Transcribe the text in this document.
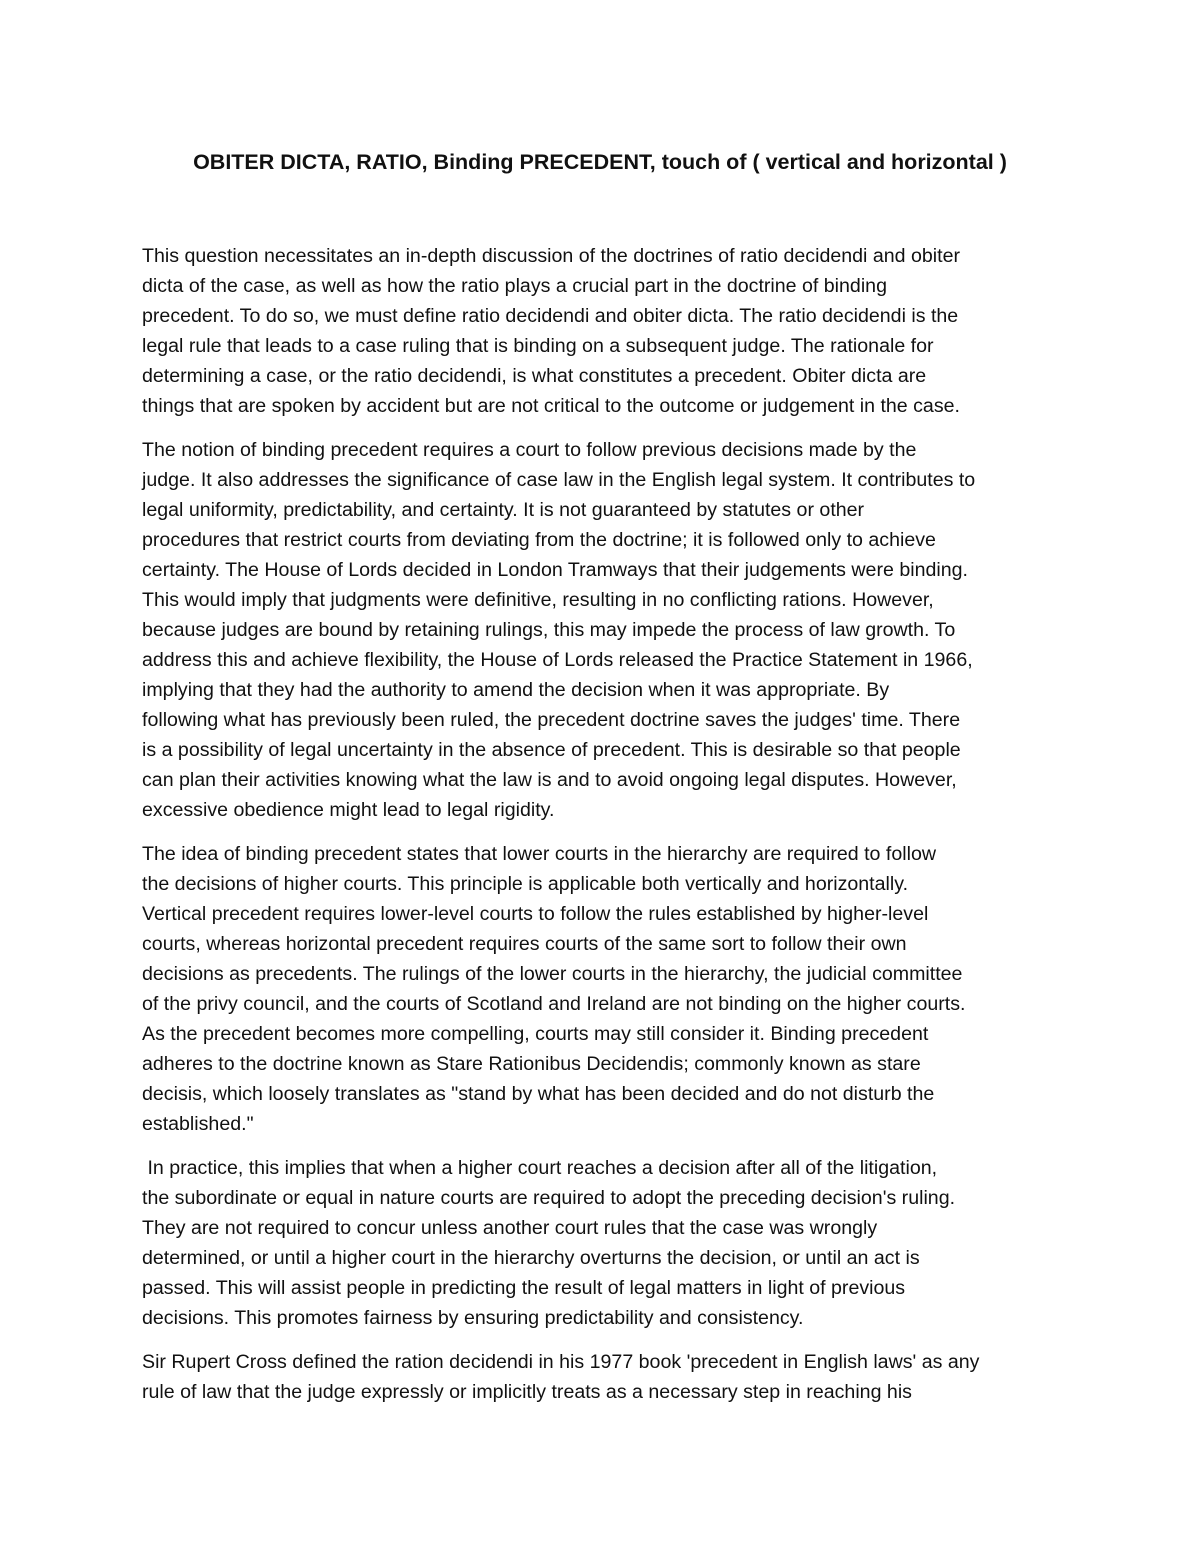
OBITER DICTA, RATIO, Binding PRECEDENT, touch of ( vertical and horizontal )
This question necessitates an in-depth discussion of the doctrines of ratio decidendi and obiter
dicta of the case, as well as how the ratio plays a crucial part in the doctrine of binding
precedent. To do so, we must define ratio decidendi and obiter dicta. The ratio decidendi is the
legal rule that leads to a case ruling that is binding on a subsequent judge. The rationale for
determining a case, or the ratio decidendi, is what constitutes a precedent. Obiter dicta are
things that are spoken by accident but are not critical to the outcome or judgement in the case.
The notion of binding precedent requires a court to follow previous decisions made by the
judge. It also addresses the significance of case law in the English legal system. It contributes to
legal uniformity, predictability, and certainty. It is not guaranteed by statutes or other
procedures that restrict courts from deviating from the doctrine; it is followed only to achieve
certainty. The House of Lords decided in London Tramways that their judgements were binding.
This would imply that judgments were definitive, resulting in no conflicting rations. However,
because judges are bound by retaining rulings, this may impede the process of law growth. To
address this and achieve flexibility, the House of Lords released the Practice Statement in 1966,
implying that they had the authority to amend the decision when it was appropriate. By
following what has previously been ruled, the precedent doctrine saves the judges' time. There
is a possibility of legal uncertainty in the absence of precedent. This is desirable so that people
can plan their activities knowing what the law is and to avoid ongoing legal disputes. However,
excessive obedience might lead to legal rigidity.
The idea of binding precedent states that lower courts in the hierarchy are required to follow
the decisions of higher courts. This principle is applicable both vertically and horizontally.
Vertical precedent requires lower-level courts to follow the rules established by higher-level
courts, whereas horizontal precedent requires courts of the same sort to follow their own
decisions as precedents. The rulings of the lower courts in the hierarchy, the judicial committee
of the privy council, and the courts of Scotland and Ireland are not binding on the higher courts.
As the precedent becomes more compelling, courts may still consider it. Binding precedent
adheres to the doctrine known as Stare Rationibus Decidendis; commonly known as stare
decisis, which loosely translates as "stand by what has been decided and do not disturb the
established."
In practice, this implies that when a higher court reaches a decision after all of the litigation,
the subordinate or equal in nature courts are required to adopt the preceding decision's ruling.
They are not required to concur unless another court rules that the case was wrongly
determined, or until a higher court in the hierarchy overturns the decision, or until an act is
passed. This will assist people in predicting the result of legal matters in light of previous
decisions. This promotes fairness by ensuring predictability and consistency.
Sir Rupert Cross defined the ration decidendi in his 1977 book 'precedent in English laws' as any
rule of law that the judge expressly or implicitly treats as a necessary step in reaching his
